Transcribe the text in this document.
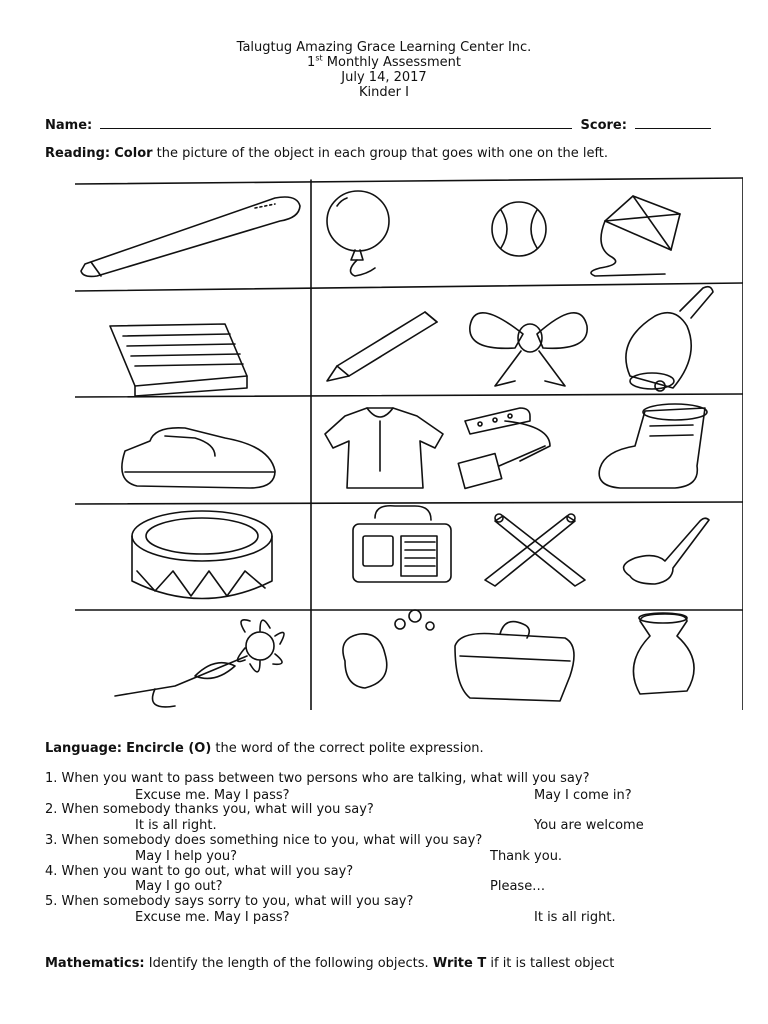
Talugtug Amazing Grace Learning Center Inc.
1st Monthly Assessment
July 14, 2017
Kinder I
Name:	Score:
Reading: Color the picture of the object in each group that goes with one on the left.
Language: Encircle (O) the word of the correct polite expression.
1. When you want to pass between two persons who are talking, what will you say?
Excuse me. May I pass?	May I come in?
2. When somebody thanks you, what will you say?
It is all right.	You are welcome
3. When somebody does something nice to you, what will you say?
May I help you?	Thank you.
4. When you want to go out, what will you say?
May I go out?	Please…
5. When somebody says sorry to you, what will you say?
Excuse me. May I pass?	It is all right.
Mathematics: Identify the length of the following objects. Write T if it is tallest object
